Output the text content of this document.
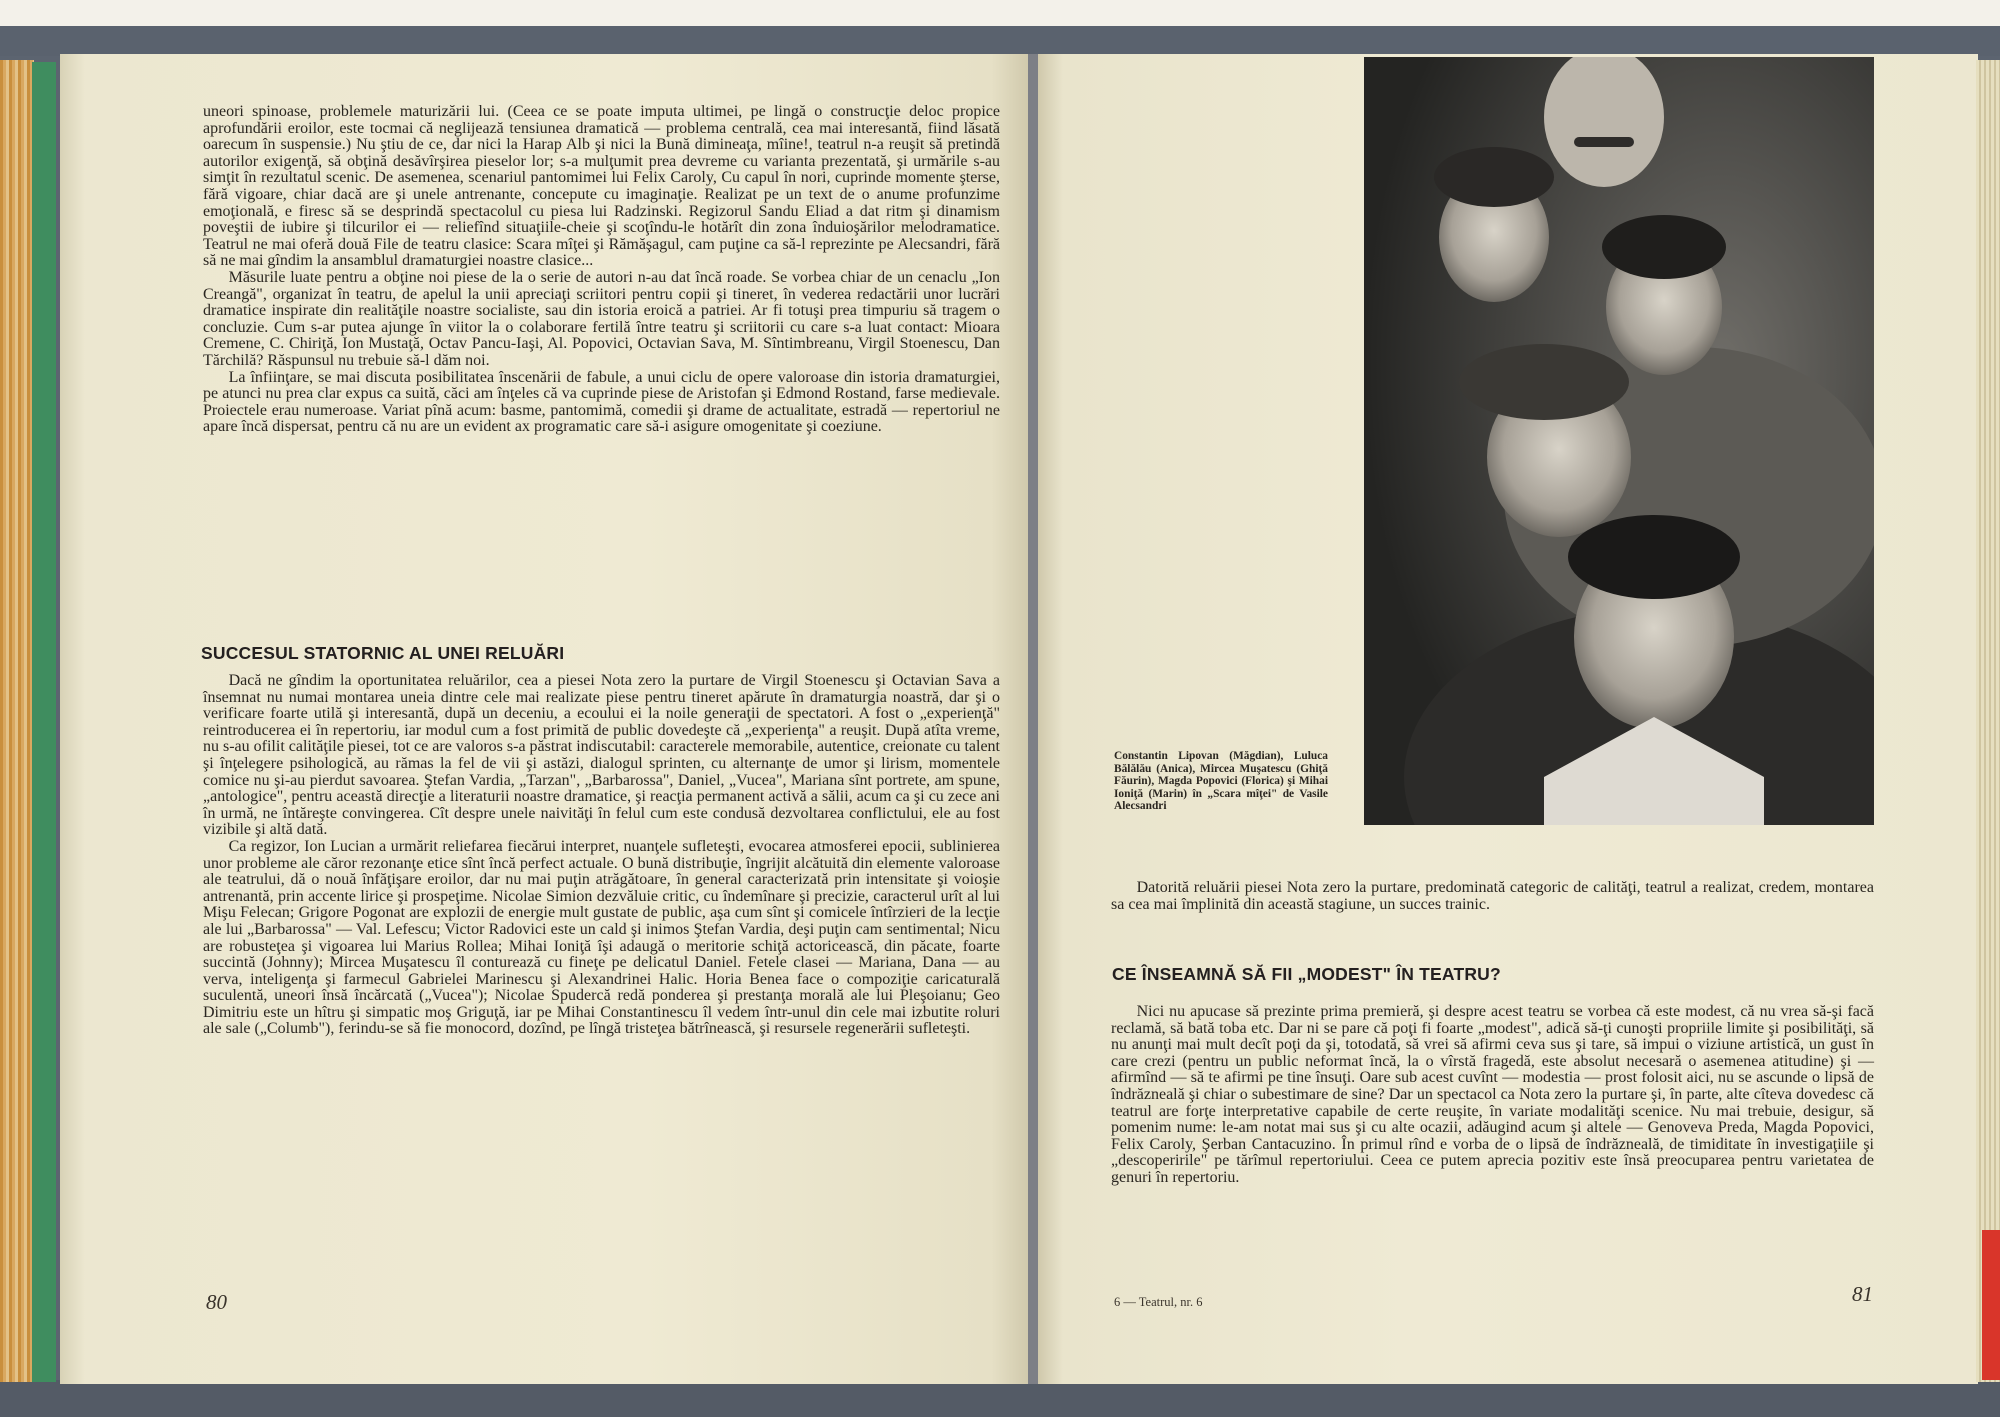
uneori spinoase, problemele maturizării lui. (Ceea ce se poate imputa ultimei, pe lingă o construcţie deloc propice aprofundării eroilor, este tocmai că neglijează tensiunea dramatică — problema centrală, cea mai interesantă, fiind lăsată oarecum în suspensie.) Nu ştiu de ce, dar nici la Harap Alb şi nici la Bună dimineaţa, mîine!, teatrul n-a reuşit să pretindă autorilor exigenţă, să obţină desăvîrşirea pieselor lor; s-a mulţumit prea devreme cu varianta prezentată, şi urmările s-au simţit în rezultatul scenic. De asemenea, scenariul pantomimei lui Felix Caroly, Cu capul în nori, cuprinde momente şterse, fără vigoare, chiar dacă are şi unele antrenante, concepute cu imaginaţie. Realizat pe un text de o anume profunzime emoţională, e firesc să se desprindă spectacolul cu piesa lui Radzinski. Regizorul Sandu Eliad a dat ritm şi dinamism poveştii de iubire şi tilcurilor ei — reliefînd situaţiile-cheie şi scoţîndu-le hotărît din zona înduioşărilor melodramatice. Teatrul ne mai oferă două File de teatru clasice: Scara mîţei şi Rămăşagul, cam puţine ca să-l reprezinte pe Alecsandri, fără să ne mai gîndim la ansamblul dramaturgiei noastre clasice...

Măsurile luate pentru a obţine noi piese de la o serie de autori n-au dat încă roade. Se vorbea chiar de un cenaclu „Ion Creangă", organizat în teatru, de apelul la unii apreciaţi scriitori pentru copii şi tineret, în vederea redactării unor lucrări dramatice inspirate din realităţile noastre socialiste, sau din istoria eroică a patriei. Ar fi totuşi prea timpuriu să tragem o concluzie. Cum s-ar putea ajunge în viitor la o colaborare fertilă între teatru şi scriitorii cu care s-a luat contact: Mioara Cremene, C. Chiriţă, Ion Mustaţă, Octav Pancu-Iaşi, Al. Popovici, Octavian Sava, M. Sîntimbreanu, Virgil Stoenescu, Dan Tărchilă? Răspunsul nu trebuie să-l dăm noi.

La înfiinţare, se mai discuta posibilitatea înscenării de fabule, a unui ciclu de opere valoroase din istoria dramaturgiei, pe atunci nu prea clar expus ca suită, căci am înţeles că va cuprinde piese de Aristofan şi Edmond Rostand, farse medievale. Proiectele erau numeroase. Variat pînă acum: basme, pantomimă, comedii şi drame de actualitate, estradă — repertoriul ne apare încă dispersat, pentru că nu are un evident ax programatic care să-i asigure omogenitate şi coeziune.

SUCCESUL STATORNIC AL UNEI RELUĂRI

Dacă ne gîndim la oportunitatea reluărilor, cea a piesei Nota zero la purtare de Virgil Stoenescu şi Octavian Sava a însemnat nu numai montarea uneia dintre cele mai realizate piese pentru tineret apărute în dramaturgia noastră, dar şi o verificare foarte utilă şi interesantă, după un deceniu, a ecoului ei la noile generaţii de spectatori. A fost o „experienţă" reintroducerea ei în repertoriu, iar modul cum a fost primită de public dovedeşte că „experienţa" a reuşit. După atîta vreme, nu s-au ofilit calităţile piesei, tot ce are valoros s-a păstrat indiscutabil: caracterele memorabile, autentice, creionate cu talent şi înţelegere psihologică, au rămas la fel de vii şi astăzi, dialogul sprinten, cu alternanţe de umor şi lirism, momentele comice nu şi-au pierdut savoarea. Ştefan Vardia, „Tarzan", „Barbarossa", Daniel, „Vucea", Mariana sînt portrete, am spune, „antologice", pentru această direcţie a literaturii noastre dramatice, şi reacţia permanent activă a sălii, acum ca şi cu zece ani în urmă, ne întăreşte convingerea. Cît despre unele naivităţi în felul cum este condusă dezvoltarea conflictului, ele au fost vizibile şi altă dată.

Ca regizor, Ion Lucian a urmărit reliefarea fiecărui interpret, nuanţele sufleteşti, evocarea atmosferei epocii, sublinierea unor probleme ale căror rezonanţe etice sînt încă perfect actuale. O bună distribuţie, îngrijit alcătuită din elemente valoroase ale teatrului, dă o nouă înfăţişare eroilor, dar nu mai puţin atrăgătoare, în general caracterizată prin intensitate şi voioşie antrenantă, prin accente lirice şi prospeţime. Nicolae Simion dezvăluie critic, cu îndemînare şi precizie, caracterul urît al lui Mişu Felecan; Grigore Pogonat are explozii de energie mult gustate de public, aşa cum sînt şi comicele întîrzieri de la lecţie ale lui „Barbarossa" — Val. Lefescu; Victor Radovici este un cald şi inimos Ştefan Vardia, deşi puţin cam sentimental; Nicu are robusteţea şi vigoarea lui Marius Rollea; Mihai Ioniţă îşi adaugă o meritorie schiţă actoricească, din păcate, foarte succintă (Johnny); Mircea Muşatescu îl conturează cu fineţe pe delicatul Daniel. Fetele clasei — Mariana, Dana — au verva, inteligenţa şi farmecul Gabrielei Marinescu şi Alexandrinei Halic. Horia Benea face o compoziţie caricaturală suculentă, uneori însă încărcată („Vucea"); Nicolae Spudercă redă ponderea şi prestanţa morală ale lui Pleşoianu; Geo Dimitriu este un hîtru şi simpatic moş Griguţă, iar pe Mihai Constantinescu îl vedem într-unul din cele mai izbutite roluri ale sale („Columb"), ferindu-se să fie monocord, dozînd, pe lîngă tristeţea bătrînească, şi resursele regenerării sufleteşti.

80
Constantin Lipovan (Măgdian), Luluca Bălălău (Anica), Mircea Muşatescu (Ghiţă Făurin), Magda Popovici (Florica) şi Mihai Ioniţă (Marin) în „Scara mîţei" de Vasile Alecsandri

Datorită reluării piesei Nota zero la purtare, predominată categoric de calităţi, teatrul a realizat, credem, montarea sa cea mai împlinită din această stagiune, un succes trainic.

CE ÎNSEAMNĂ SĂ FII „MODEST" ÎN TEATRU?

Nici nu apucase să prezinte prima premieră, şi despre acest teatru se vorbea că este modest, că nu vrea să-şi facă reclamă, să bată toba etc. Dar ni se pare că poţi fi foarte „modest", adică să-ţi cunoşti propriile limite şi posibilităţi, să nu anunţi mai mult decît poţi da şi, totodată, să vrei să afirmi ceva sus şi tare, să impui o viziune artistică, un gust în care crezi (pentru un public neformat încă, la o vîrstă fragedă, este absolut necesară o asemenea atitudine) şi — afirmînd — să te afirmi pe tine însuţi. Oare sub acest cuvînt — modestia — prost folosit aici, nu se ascunde o lipsă de îndrăzneală şi chiar o subestimare de sine? Dar un spectacol ca Nota zero la purtare şi, în parte, alte cîteva dovedesc că teatrul are forţe interpretative capabile de certe reuşite, în variate modalităţi scenice. Nu mai trebuie, desigur, să pomenim nume: le-am notat mai sus şi cu alte ocazii, adăugind acum şi altele — Genoveva Preda, Magda Popovici, Felix Caroly, Şerban Cantacuzino. În primul rînd e vorba de o lipsă de îndrăzneală, de timiditate în investigaţiile şi „descoperirile" pe tărîmul repertoriului. Ceea ce putem aprecia pozitiv este însă preocuparea pentru varietatea de genuri în repertoriu.

6 — Teatrul, nr. 6	81
